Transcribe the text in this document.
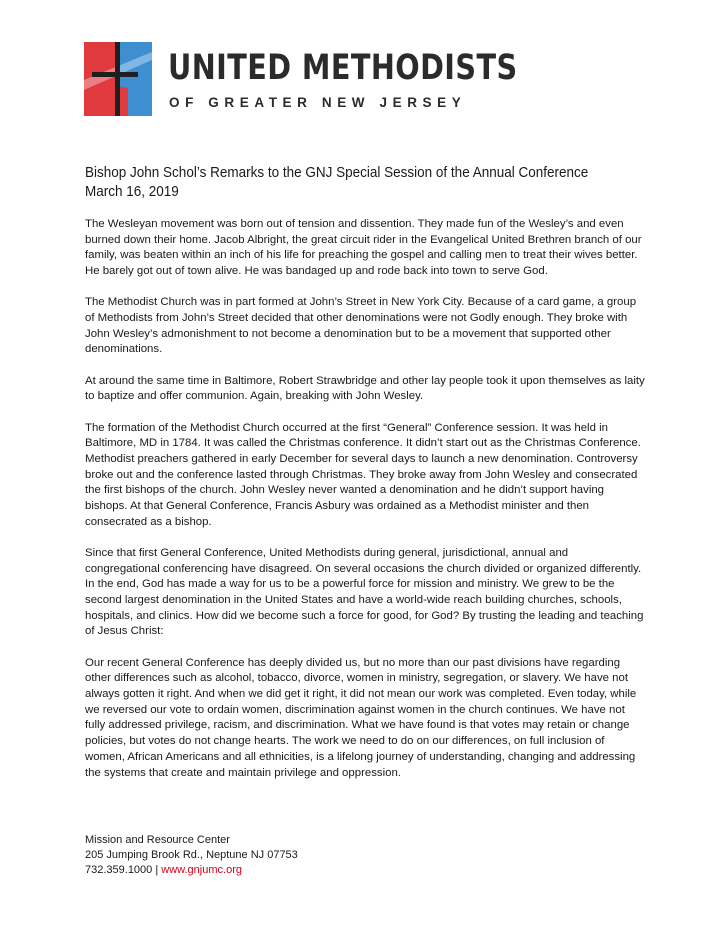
UNITED METHODISTS
OF GREATER NEW JERSEY
Bishop John Schol’s Remarks to the GNJ Special Session of the Annual Conference
March 16, 2019

The Wesleyan movement was born out of tension and dissention. They made fun of the Wesley’s and even burned down their home. Jacob Albright, the great circuit rider in the Evangelical United Brethren branch of our family, was beaten within an inch of his life for preaching the gospel and calling men to treat their wives better. He barely got out of town alive. He was bandaged up and rode back into town to serve God.

The Methodist Church was in part formed at John’s Street in New York City. Because of a card game, a group of Methodists from John’s Street decided that other denominations were not Godly enough. They broke with John Wesley’s admonishment to not become a denomination but to be a movement that supported other denominations.

At around the same time in Baltimore, Robert Strawbridge and other lay people took it upon themselves as laity to baptize and offer communion. Again, breaking with John Wesley.

The formation of the Methodist Church occurred at the first “General” Conference session. It was held in Baltimore, MD in 1784. It was called the Christmas conference. It didn’t start out as the Christmas Conference. Methodist preachers gathered in early December for several days to launch a new denomination. Controversy broke out and the conference lasted through Christmas. They broke away from John Wesley and consecrated the first bishops of the church. John Wesley never wanted a denomination and he didn’t support having bishops. At that General Conference, Francis Asbury was ordained as a Methodist minister and then consecrated as a bishop.

Since that first General Conference, United Methodists during general, jurisdictional, annual and congregational conferencing have disagreed. On several occasions the church divided or organized differently. In the end, God has made a way for us to be a powerful force for mission and ministry. We grew to be the second largest denomination in the United States and have a world-wide reach building churches, schools, hospitals, and clinics. How did we become such a force for good, for God? By trusting the leading and teaching of Jesus Christ:

Our recent General Conference has deeply divided us, but no more than our past divisions have regarding other differences such as alcohol, tobacco, divorce, women in ministry, segregation, or slavery. We have not always gotten it right. And when we did get it right, it did not mean our work was completed. Even today, while we reversed our vote to ordain women, discrimination against women in the church continues. We have not fully addressed privilege, racism, and discrimination. What we have found is that votes may retain or change policies, but votes do not change hearts. The work we need to do on our differences, on full inclusion of women, African Americans and all ethnicities, is a lifelong journey of understanding, changing and addressing the systems that create and maintain privilege and oppression.

Mission and Resource Center
205 Jumping Brook Rd., Neptune NJ 07753
732.359.1000 | www.gnjumc.org
